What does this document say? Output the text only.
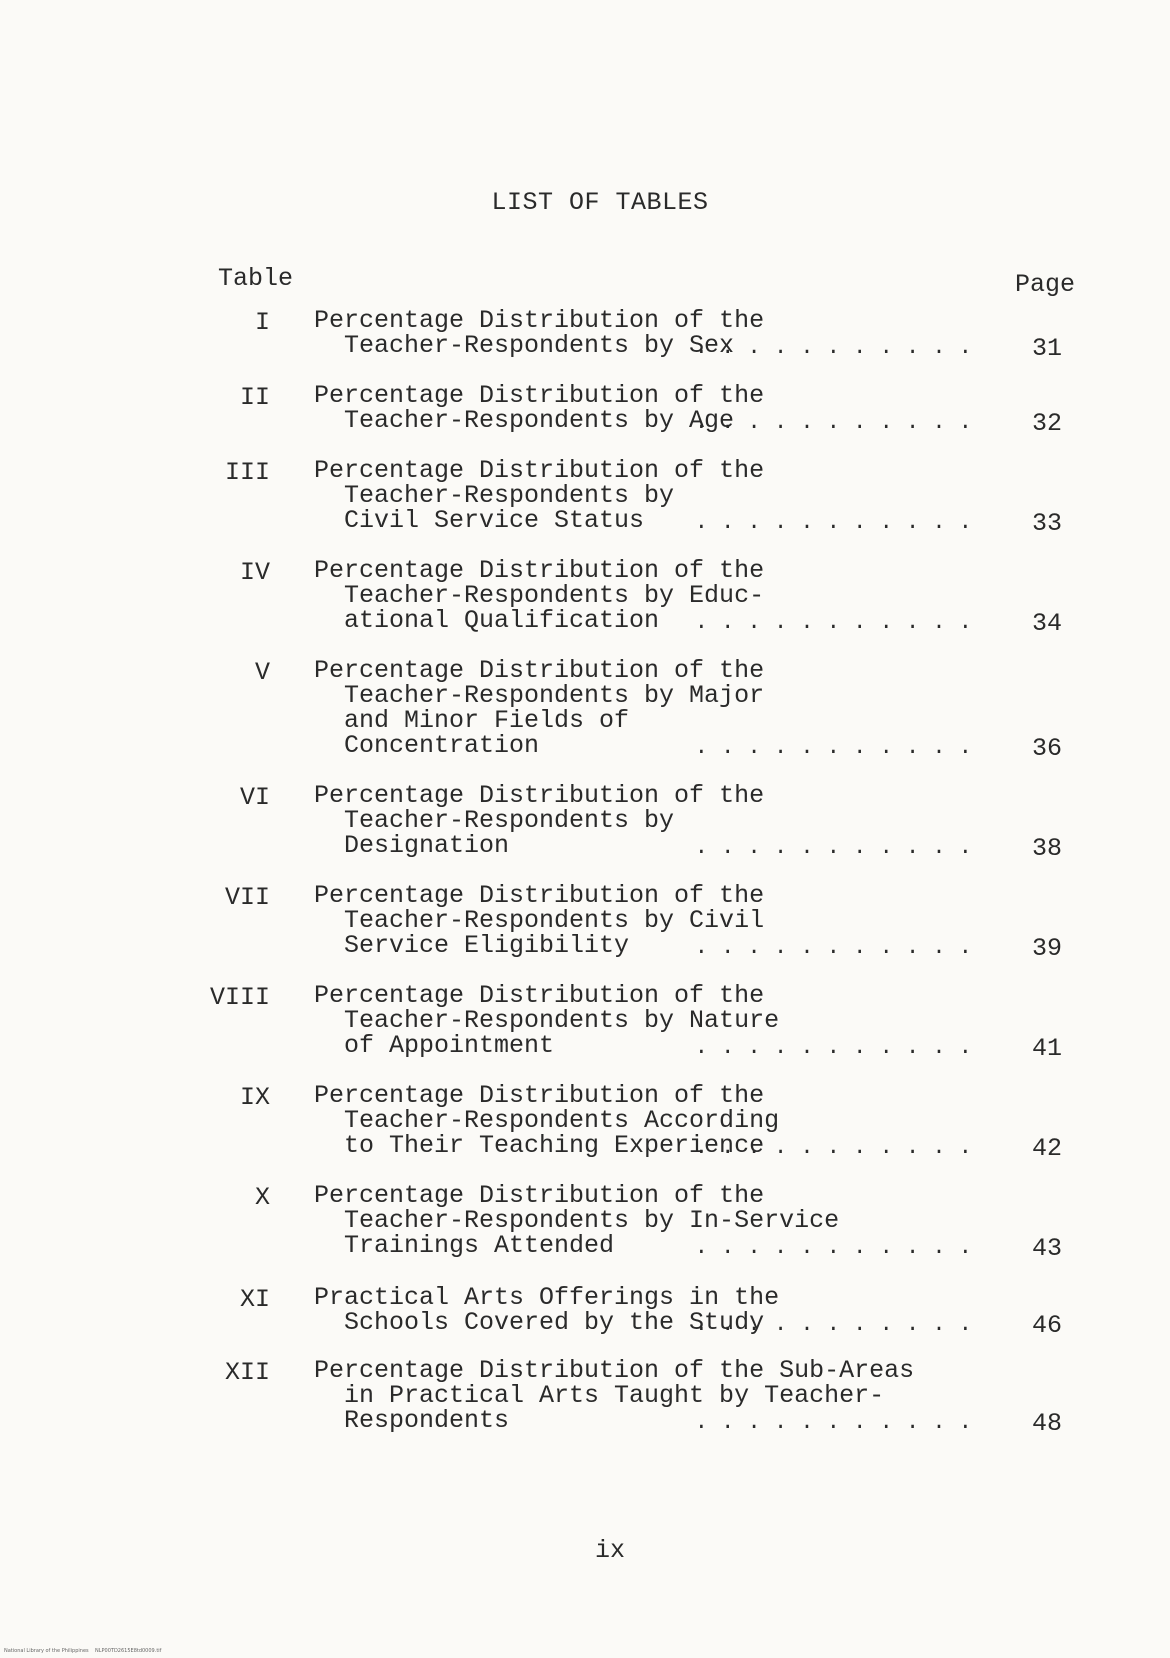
LIST OF TABLES
Table	Page
I Percentage Distribution of the
Teacher-Respondents by Sex
. . . . . . . . . . .	31
II Percentage Distribution of the
Teacher-Respondents by Age
. . . . . . . . . . .	32
III Percentage Distribution of the
Teacher-Respondents by
Civil Service Status	. . . . . . . . . . .	33
IV Percentage Distribution of the
Teacher-Respondents by Educ-
ational Qualification	. . . . . . . . . . .	34
V Percentage Distribution of the
Teacher-Respondents by Major
and Minor Fields of
Concentration	. . . . . . . . . . .	36
VI Percentage Distribution of the
Teacher-Respondents by
Designation	. . . . . . . . . . .	38
VII Percentage Distribution of the
Teacher-Respondents by Civil
Service Eligibility	. . . . . . . . . . .	39
VIII Percentage Distribution of the
Teacher-Respondents by Nature
of Appointment	. . . . . . . . . . .	41
IX Percentage Distribution of the
Teacher-Respondents According
to Their Teaching Experience
. . . . . . . . . . .	42
X Percentage Distribution of the
Teacher-Respondents by In-Service
Trainings Attended	. . . . . . . . . . .	43
XI Practical Arts Offerings in the
Schools Covered by the Study
. . . . . . . . . . .	46
XII Percentage Distribution of the Sub-Areas
in Practical Arts Taught by Teacher-
Respondents	. . . . . . . . . . .	48
ix
National Library of the Philippines    NLP00TD2615E8td0009.tif
